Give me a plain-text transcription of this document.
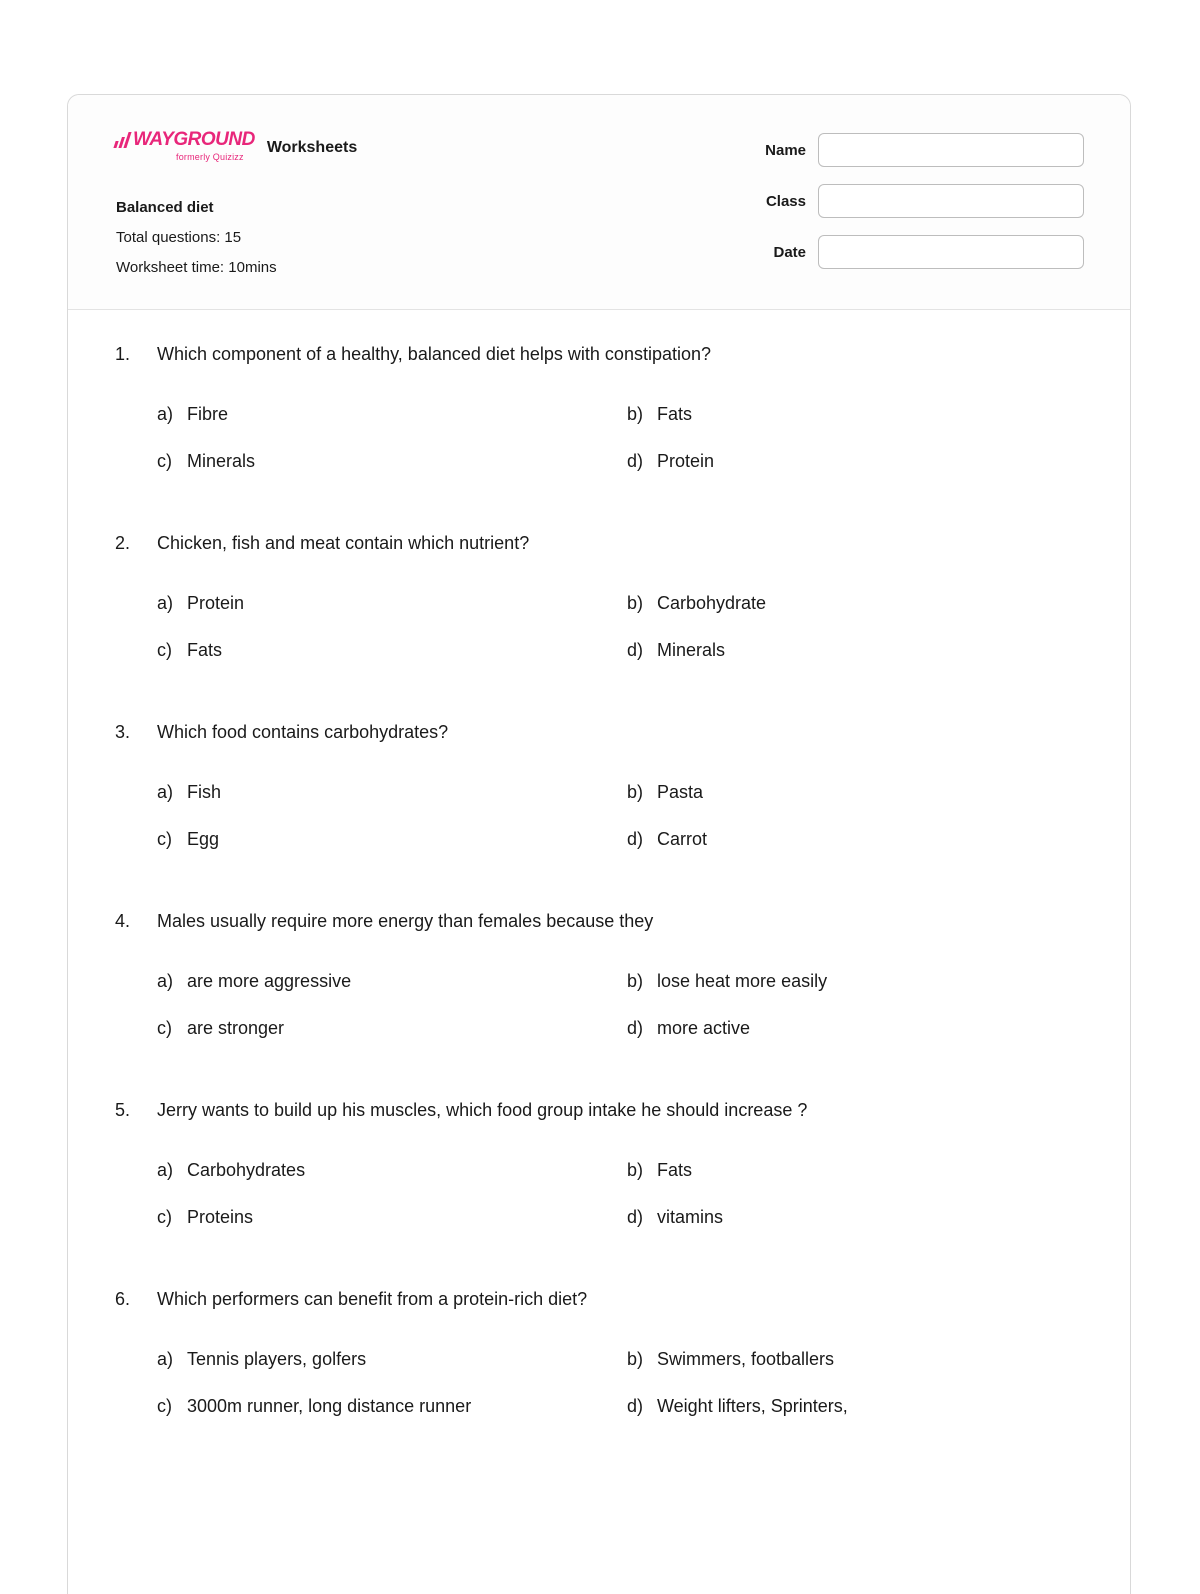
WAYGROUND
formerly Quizizz
Worksheets
Balanced diet
Total questions: 15
Worksheet time: 10mins
Name
Class
Date
1.	Which component of a healthy, balanced diet helps with constipation?
a) Fibre	b) Fats
c) Minerals	d) Protein
2.	Chicken, fish and meat contain which nutrient?
a) Protein	b) Carbohydrate
c) Fats	d) Minerals
3.	Which food contains carbohydrates?
a) Fish	b) Pasta
c) Egg	d) Carrot
4.	Males usually require more energy than females because they
a) are more aggressive	b) lose heat more easily
c) are stronger	d) more active
5.	Jerry wants to build up his muscles, which food group intake he should increase ?
a) Carbohydrates	b) Fats
c) Proteins	d) vitamins
6.	Which performers can benefit from a protein-rich diet?
a) Tennis players, golfers	b) Swimmers, footballers
c) 3000m runner, long distance runner	d) Weight lifters, Sprinters,
